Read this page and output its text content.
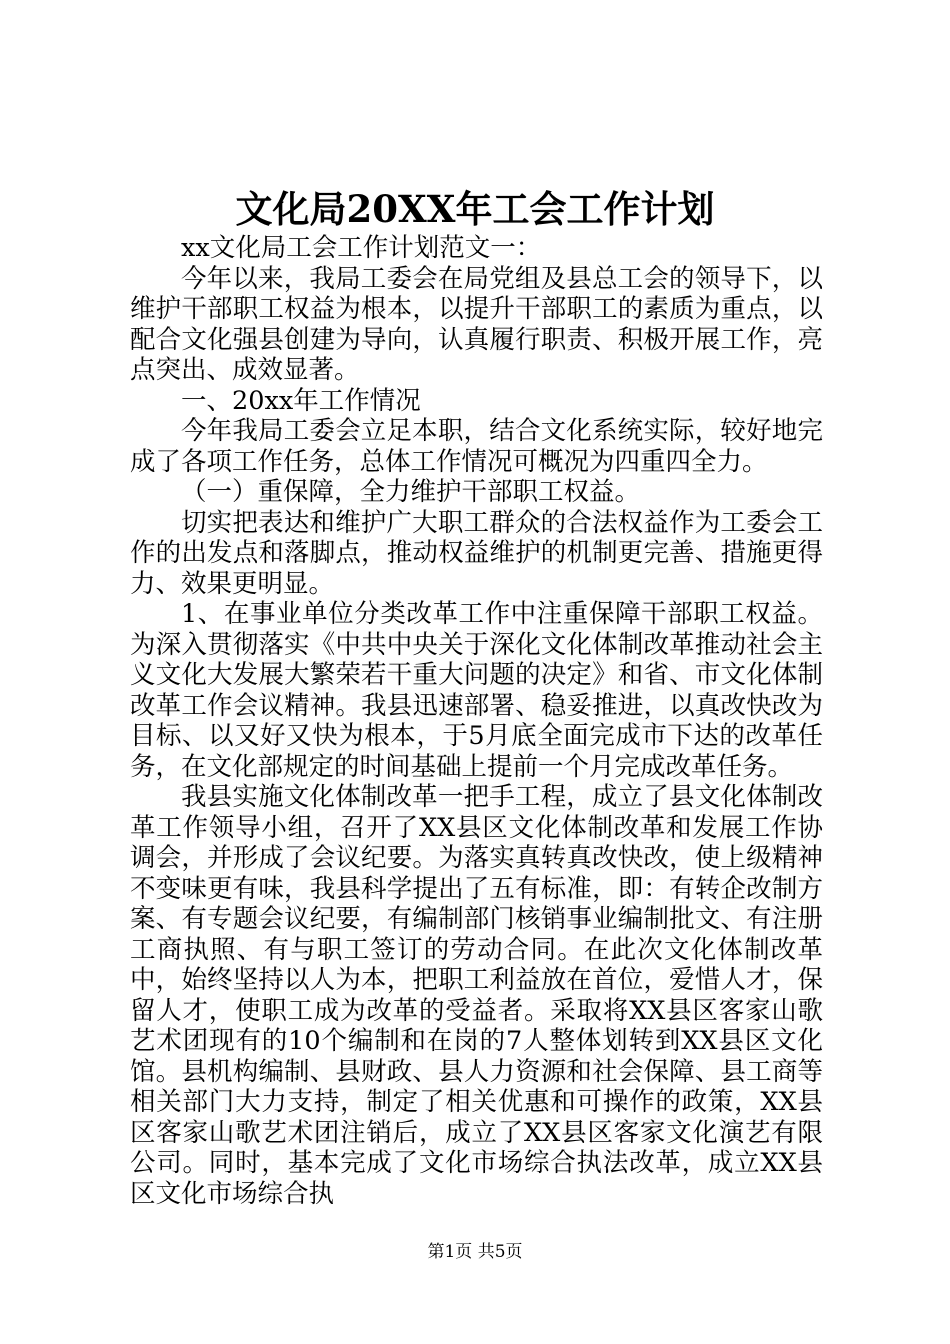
文化局20XX年工会工作计划

xx文化局工会工作计划范文一：

今年以来，我局工委会在局党组及县总工会的领导下，以维护干部职工权益为根本，以提升干部职工的素质为重点，以配合文化强县创建为导向，认真履行职责、积极开展工作，亮点突出、成效显著。

一、20xx年工作情况

今年我局工委会立足本职，结合文化系统实际，较好地完成了各项工作任务，总体工作情况可概况为四重四全力。

（一）重保障，全力维护干部职工权益。

切实把表达和维护广大职工群众的合法权益作为工委会工作的出发点和落脚点，推动权益维护的机制更完善、措施更得力、效果更明显。

1、在事业单位分类改革工作中注重保障干部职工权益。为深入贯彻落实《中共中央关于深化文化体制改革推动社会主义文化大发展大繁荣若干重大问题的决定》和省、市文化体制改革工作会议精神。我县迅速部署、稳妥推进，以真改快改为目标、以又好又快为根本，于5月底全面完成市下达的改革任务，在文化部规定的时间基础上提前一个月完成改革任务。

我县实施文化体制改革一把手工程，成立了县文化体制改革工作领导小组，召开了XX县区文化体制改革和发展工作协调会，并形成了会议纪要。为落实真转真改快改，使上级精神不变味更有味，我县科学提出了五有标准，即：有转企改制方案、有专题会议纪要，有编制部门核销事业编制批文、有注册工商执照、有与职工签订的劳动合同。在此次文化体制改革中，始终坚持以人为本，把职工利益放在首位，爱惜人才，保留人才，使职工成为改革的受益者。采取将XX县区客家山歌艺术团现有的10个编制和在岗的7人整体划转到XX县区文化馆。县机构编制、县财政、县人力资源和社会保障、县工商等相关部门大力支持，制定了相关优惠和可操作的政策，XX县区客家山歌艺术团注销后，成立了XX县区客家文化演艺有限公司。同时，基本完成了文化市场综合执法改革，成立XX县区文化市场综合执

第1页 共5页
